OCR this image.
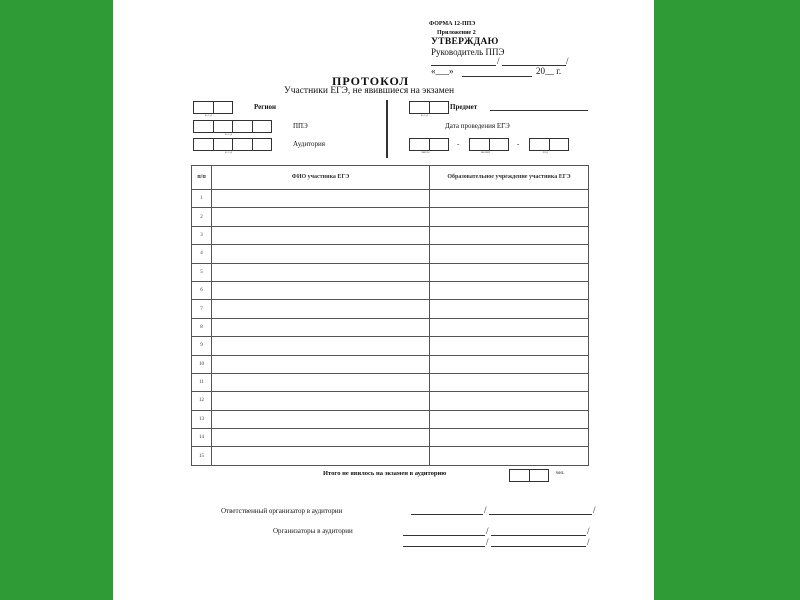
ФОРМА 12-ППЭ
Приложение 2
УТВЕРЖДАЮ
Руководитель ППЭ
/	/
«___»	20__ г.
ПРОТОКОЛ
Участники ЕГЭ, не явившиеся на экзамен
к о д
Регион
к о д
ППЭ
к о д
Аудитория
к о д
Предмет
Дата проведения ЕГЭ
число
-
месяц
-
год
п/п	ФИО участника ЕГЭ	Образовательное учреждение участника ЕГЭ
1		
2		
3		
4		
5		
6		
7		
8		
9		
10		
11		
12		
13		
14		
15		
Итого не явилось на экзамен в аудиторию	чел.
Ответственный организатор в аудитории	/	/
Организаторы в аудитории	/	/
/	/
